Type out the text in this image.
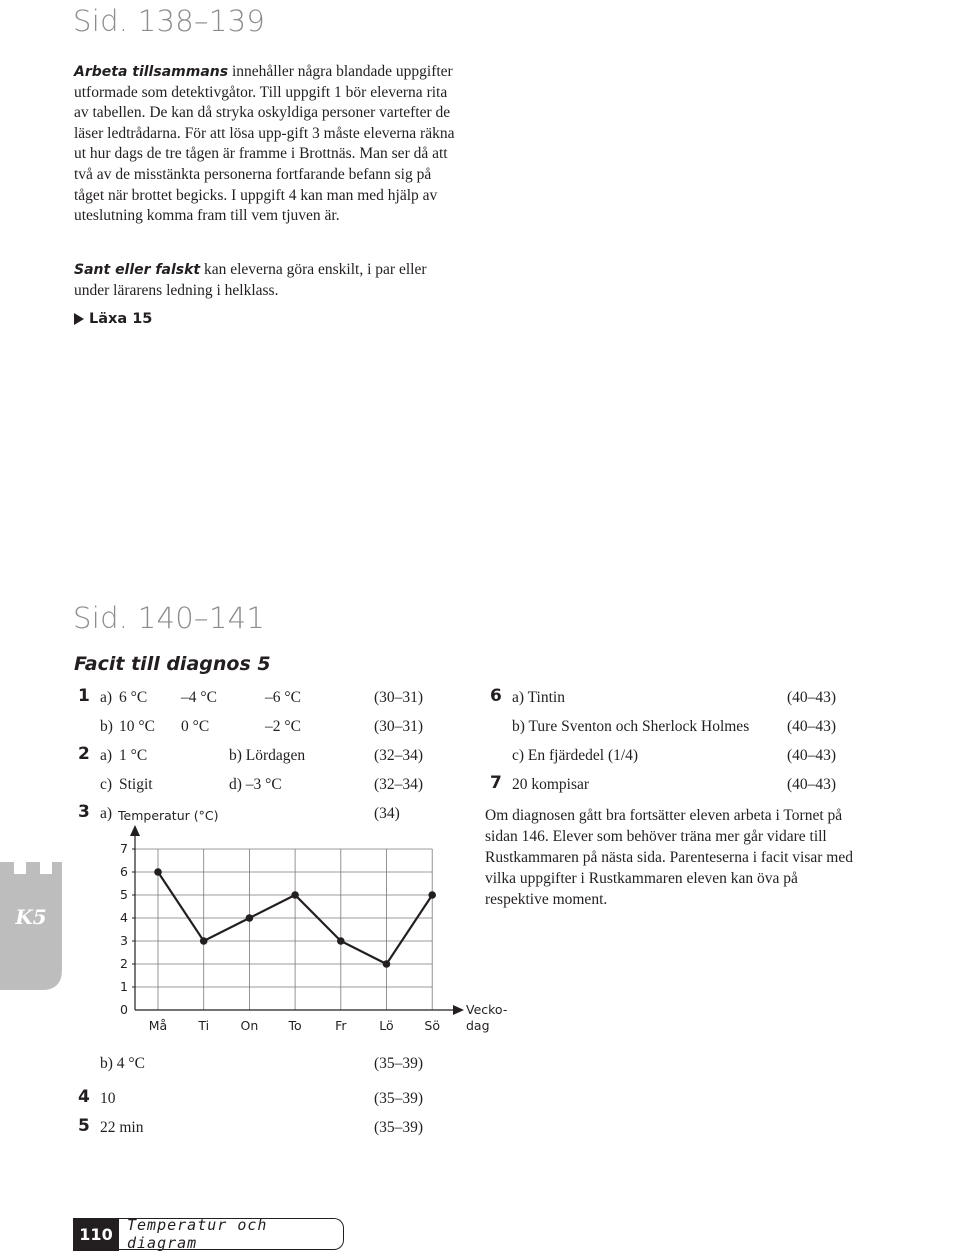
Sid. 138–139
Arbeta tillsammans innehåller några blandade uppgifter utformade som detektivgåtor. Till uppgift 1 bör eleverna rita av tabellen. De kan då stryka oskyldiga personer vartefter de läser ledtrådarna. För att lösa upp-gift 3 måste eleverna räkna ut hur dags de tre tågen är framme i Brottnäs. Man ser då att två av de misstänkta personerna fortfarande befann sig på tåget när brottet begicks. I uppgift 4 kan man med hjälp av uteslutning komma fram till vem tjuven är.
Sant eller falskt kan eleverna göra enskilt, i par eller under lärarens ledning i helklass.
Läxa 15
Sid. 140–141
Facit till diagnos 5
1 a) 6 °C –4 °C	–6 °C	(30–31)
b) 10 °C 0 °C	–2 °C	(30–31)
2 a) 1 °C	b) Lördagen	(32–34)
c) Stigit	d) –3 °C	(32–34)
3 a)	(34)
Temperatur (°C)
0
1
2
3
4
5
6
7
Må Ti	On To	Fr	Lö Sö
Vecko-
dag
b) 4 °C	(35–39)
4 10	(35–39)
5 22 min	(35–39)
6 a) Tintin	(40–43)
b) Ture Sventon och Sherlock Holmes (40–43)
c) En fjärdedel (1/4)	(40–43)
7 20 kompisar	(40–43)
Om diagnosen gått bra fortsätter eleven arbeta i Tornet på sidan 146. Elever som behöver träna mer går vidare till Rustkammaren på nästa sida. Parenteserna i facit visar med vilka uppgifter i Rustkammaren eleven kan öva på respektive moment.
K5
110 Temperatur och diagram
